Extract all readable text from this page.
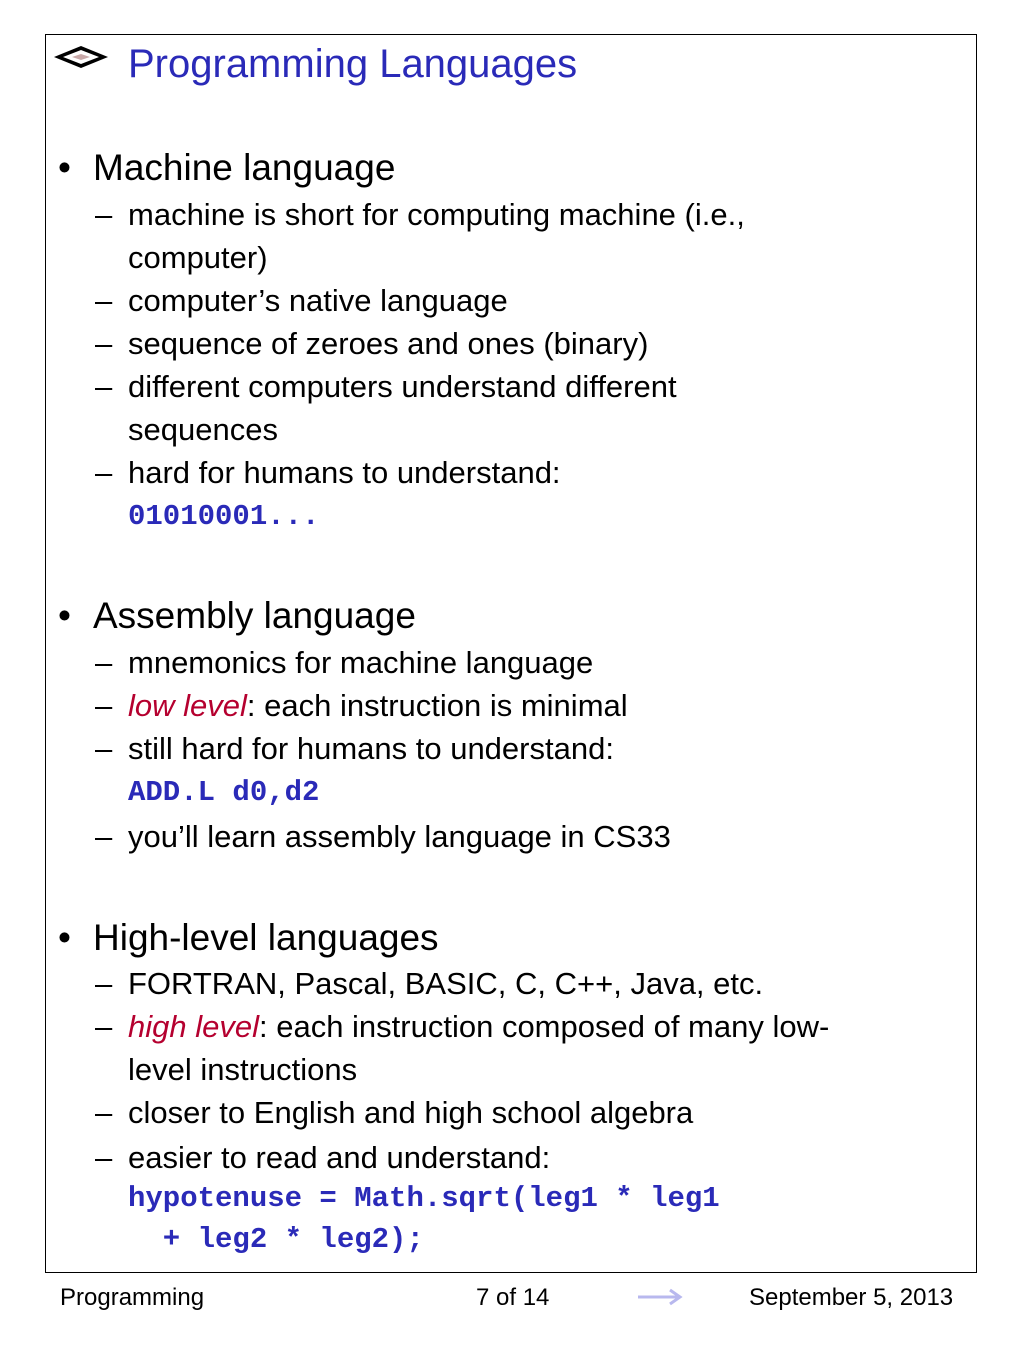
Programming Languages
• Machine language
– machine is short for computing machine (i.e.,
computer)
– computer’s native language
– sequence of zeroes and ones (binary)
– different computers understand different
sequences
– hard for humans to understand:
01010001...
• Assembly language
– mnemonics for machine language
– low level: each instruction is minimal
– still hard for humans to understand:
ADD.L d0,d2
– you’ll learn assembly language in CS33
• High-level languages
– FORTRAN, Pascal, BASIC, C, C++, Java, etc.
– high level: each instruction composed of many low-
level instructions
– closer to English and high school algebra
– easier to read and understand:
hypotenuse = Math.sqrt(leg1 * leg1
+ leg2 * leg2);
Programming	7 of 14	September 5, 2013
